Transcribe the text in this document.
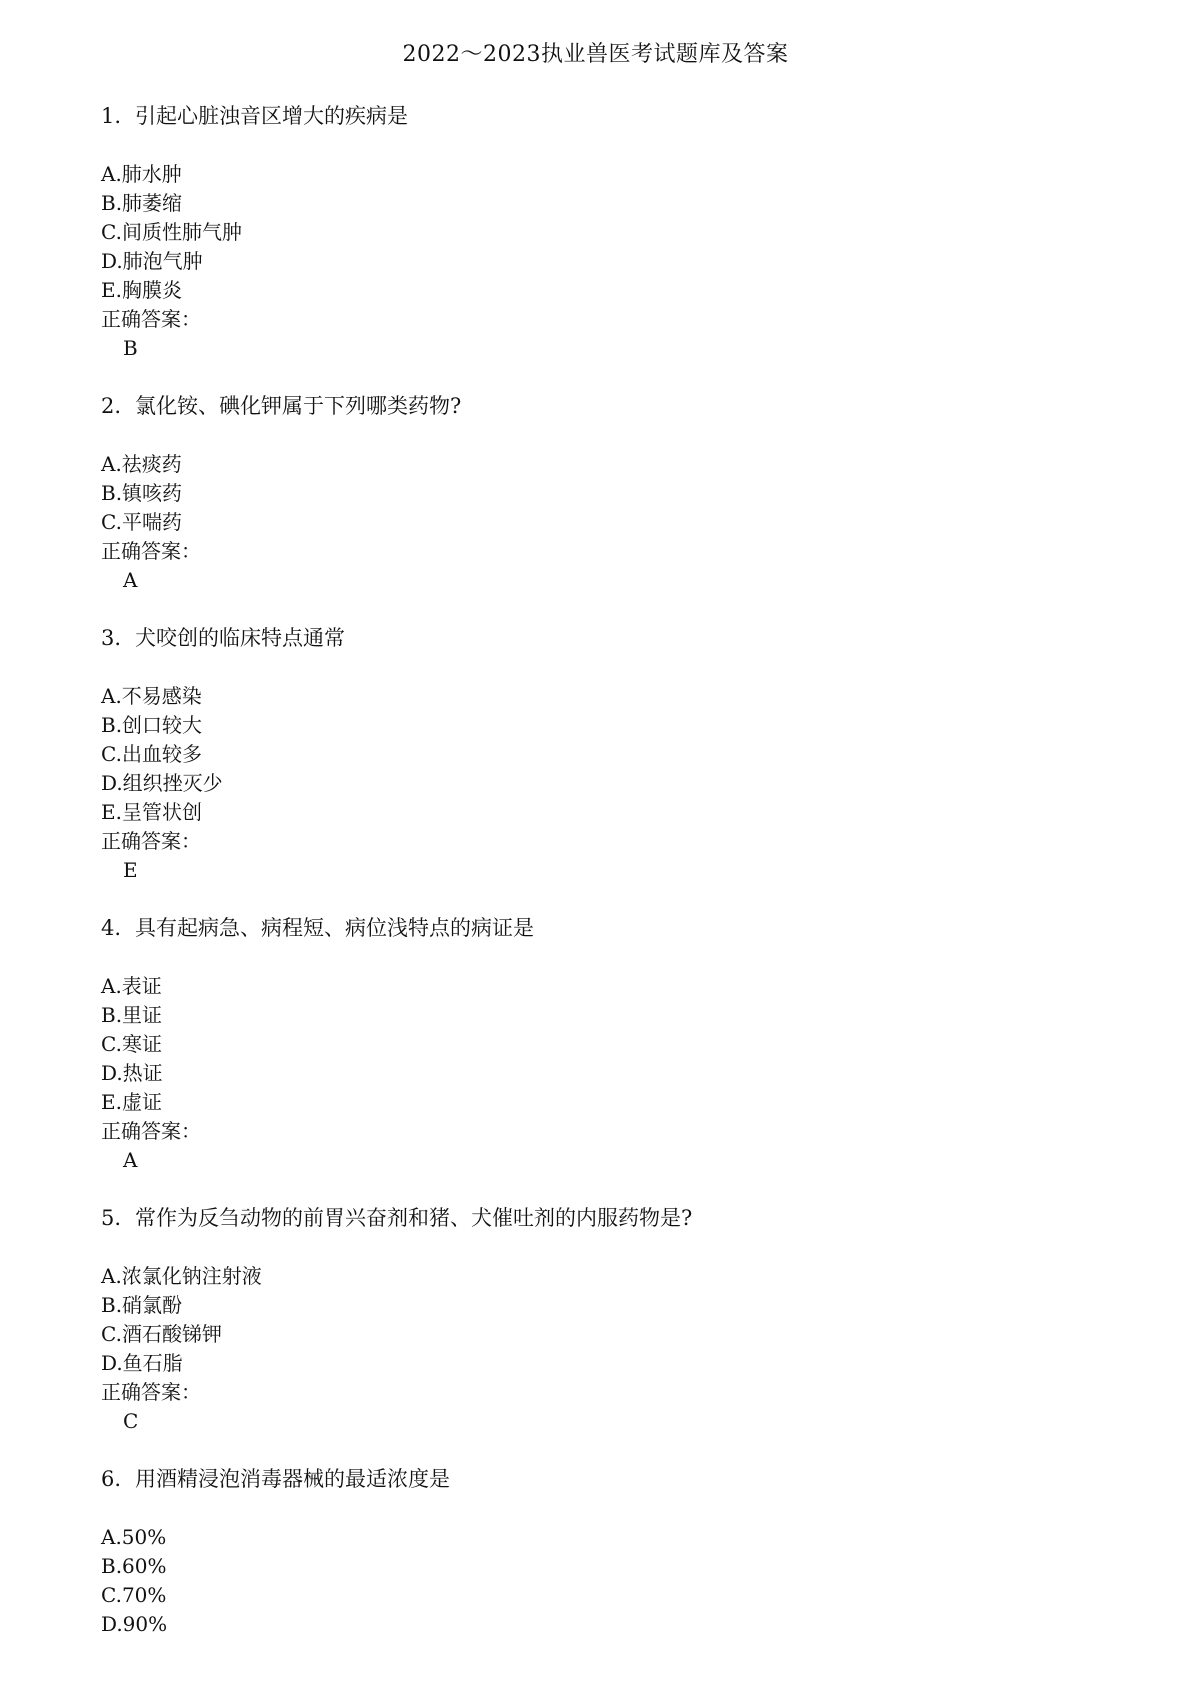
2022～2023执业兽医考试题库及答案
1. 引起心脏浊音区增大的疾病是
A.肺水肿
B.肺萎缩
C.间质性肺气肿
D.肺泡气肿
E.胸膜炎
正确答案：
B
2. 氯化铵、碘化钾属于下列哪类药物?
A.祛痰药
B.镇咳药
C.平喘药
正确答案：
A
3. 犬咬创的临床特点通常
A.不易感染
B.创口较大
C.出血较多
D.组织挫灭少
E.呈管状创
正确答案：
E
4. 具有起病急、病程短、病位浅特点的病证是
A.表证
B.里证
C.寒证
D.热证
E.虚证
正确答案：
A
5. 常作为反刍动物的前胃兴奋剂和猪、犬催吐剂的内服药物是?
A.浓氯化钠注射液
B.硝氯酚
C.酒石酸锑钾
D.鱼石脂
正确答案：
C
6. 用酒精浸泡消毒器械的最适浓度是
A.50%
B.60%
C.70%
D.90%
